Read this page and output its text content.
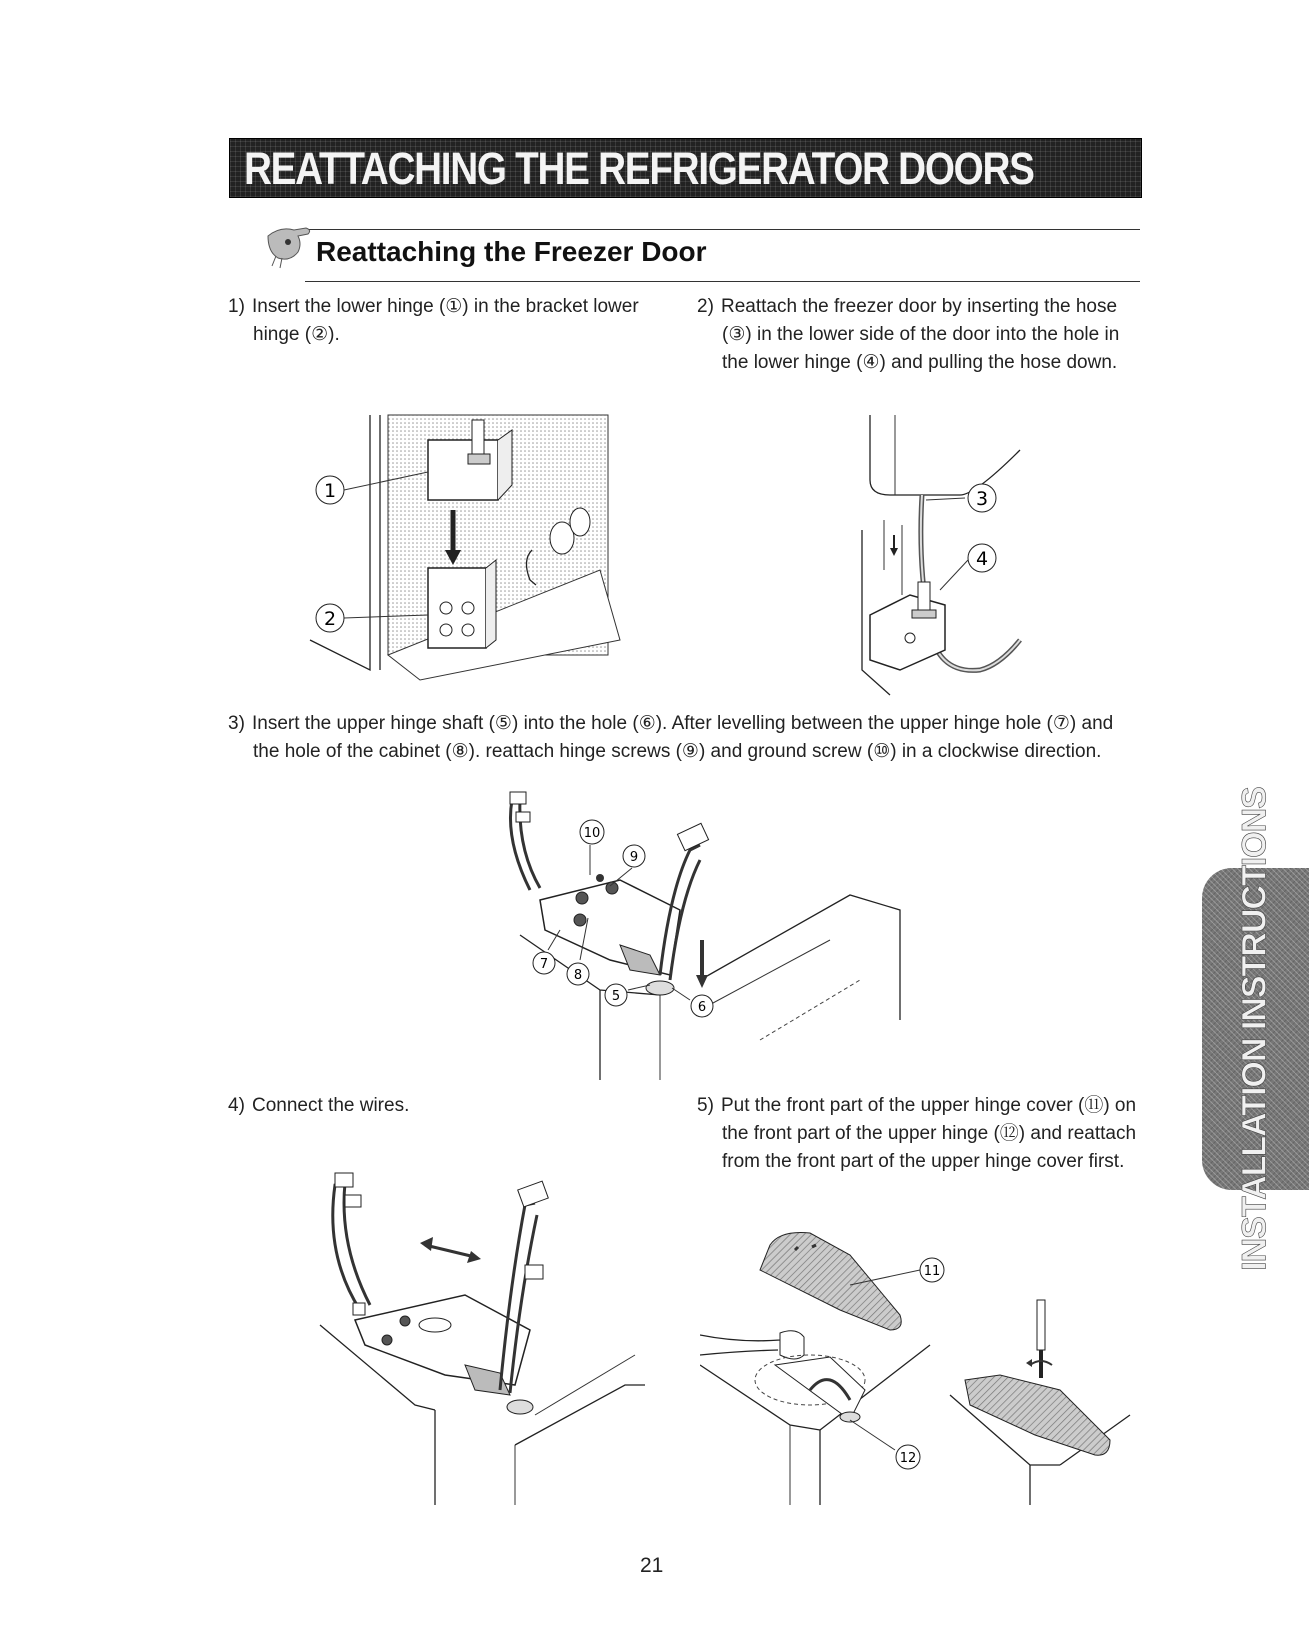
REATTACHING THE REFRIGERATOR DOORS
Reattaching the Freezer Door

1) Insert the lower hinge (①) in the bracket lower

hinge (②).

2) Reattach the freezer door by inserting the hose

(③) in the lower side of the door into the hole in

the lower hinge (④) and pulling the hose down.

3) Insert the upper hinge shaft (⑤) into the hole (⑥). After levelling between the upper hinge hole (⑦) and

the hole of the cabinet (⑧). reattach hinge screws (⑨) and ground screw (⑩) in a clockwise direction.

4) Connect the wires.	5) Put the front part of the upper hinge cover (⑪) on

the front part of the upper hinge (⑫) and reattach

from the front part of the upper hinge cover first.

1
2
3
4
10
9
7
8
5
6
11
12
INSTALLATION INSTRUCTIONS
21
